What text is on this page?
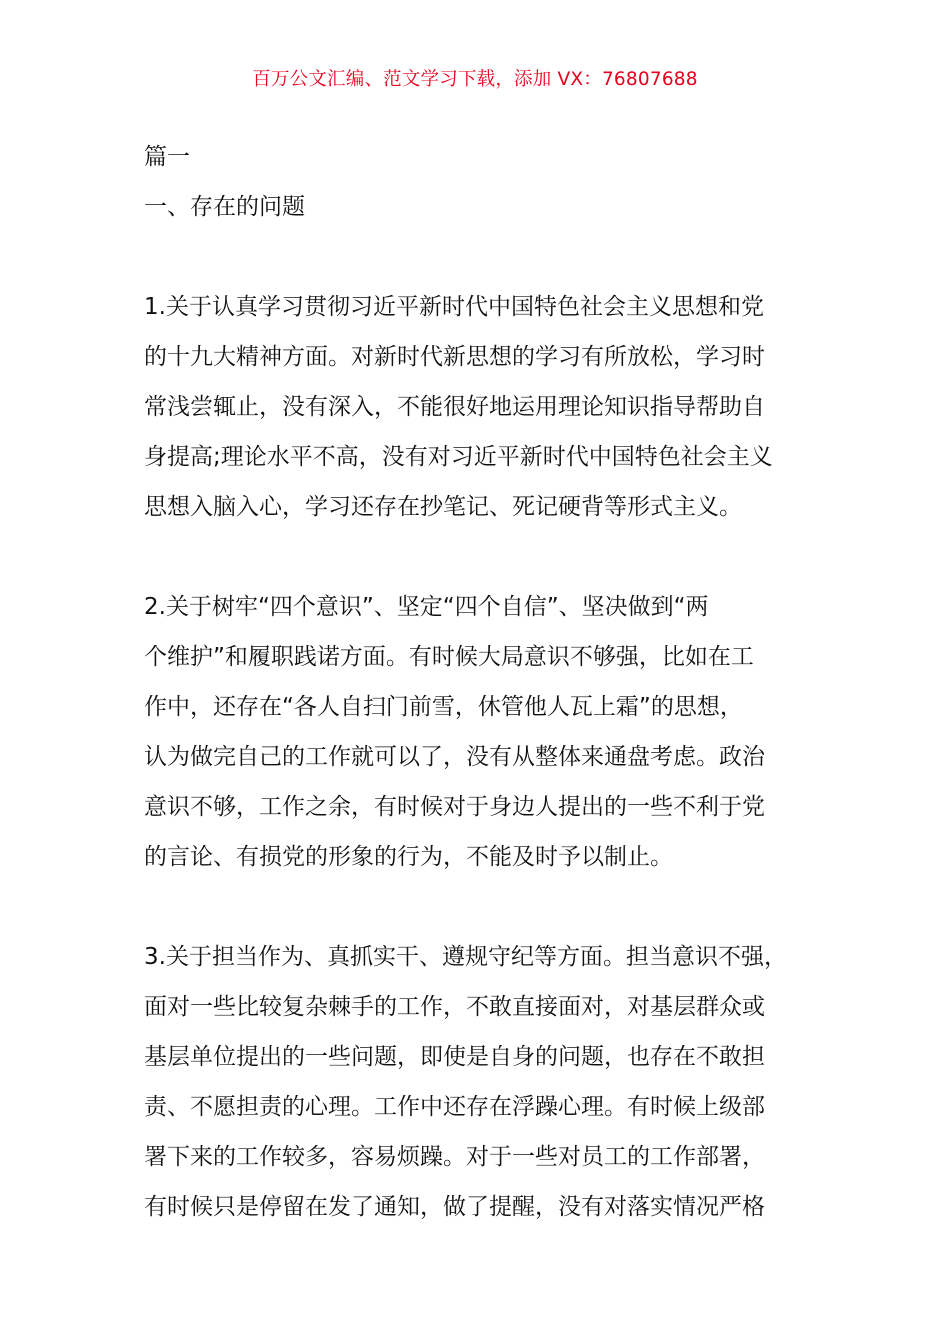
百万公文汇编、范文学习下载，添加 VX：76807688
篇一
一、存在的问题
1.关于认真学习贯彻习近平新时代中国特色社会主义思想和党
的十九大精神方面。对新时代新思想的学习有所放松，学习时
常浅尝辄止，没有深入，不能很好地运用理论知识指导帮助自
身提高;理论水平不高，没有对习近平新时代中国特色社会主义
思想入脑入心，学习还存在抄笔记、死记硬背等形式主义。
2.关于树牢“四个意识”、坚定“四个自信”、坚决做到“两
个维护”和履职践诺方面。有时候大局意识不够强，比如在工
作中，还存在“各人自扫门前雪，休管他人瓦上霜”的思想，
认为做完自己的工作就可以了，没有从整体来通盘考虑。政治
意识不够，工作之余，有时候对于身边人提出的一些不利于党
的言论、有损党的形象的行为，不能及时予以制止。
3.关于担当作为、真抓实干、遵规守纪等方面。担当意识不强，
面对一些比较复杂棘手的工作，不敢直接面对，对基层群众或
基层单位提出的一些问题，即使是自身的问题，也存在不敢担
责、不愿担责的心理。工作中还存在浮躁心理。有时候上级部
署下来的工作较多，容易烦躁。对于一些对员工的工作部署，
有时候只是停留在发了通知，做了提醒，没有对落实情况严格
